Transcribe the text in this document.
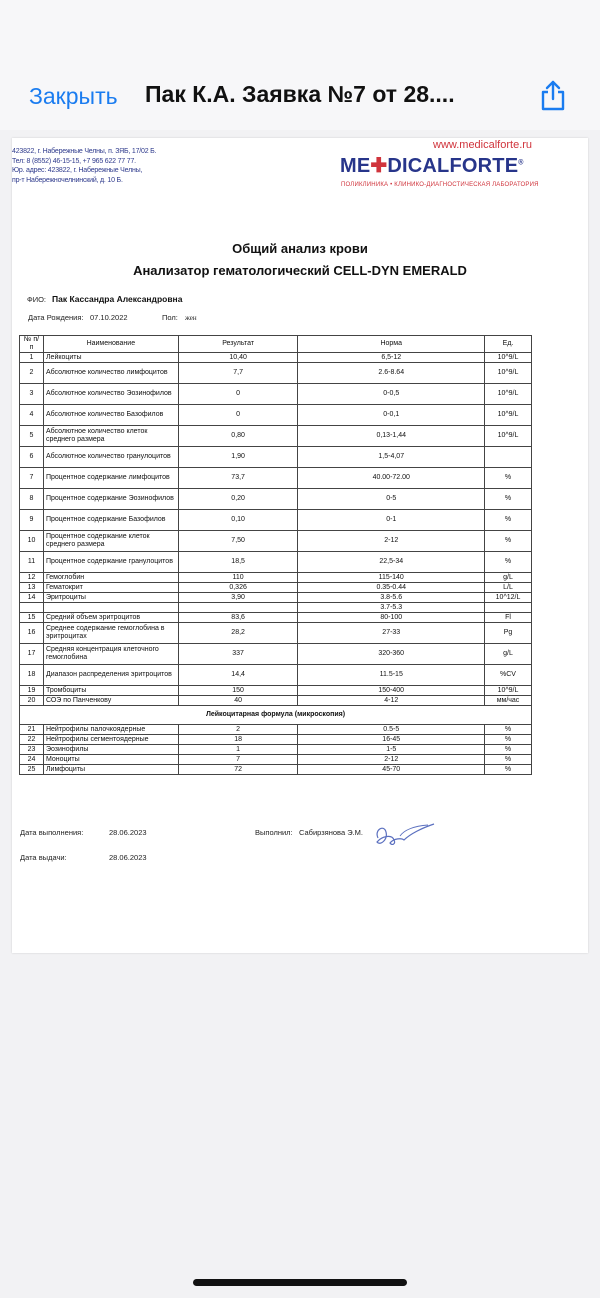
Закрыть Пак К.А. Заявка №7 от 28....
423822, г. Набережные Челны, п. ЗЯБ, 17/02 Б.
Тел: 8 (8552) 46-15-15, +7 965 622 77 77.
Юр. адрес: 423822, г. Набережные Челны,
пр-т Набережночелнинский, д. 10 Б.
www.medicalforte.ru
ME✚DICALFORTE®
ПОЛИКЛИНИКА • КЛИНИКО-ДИАГНОСТИЧЕСКАЯ ЛАБОРАТОРИЯ
Общий анализ крови
Анализатор гематологический CELL-DYN EMERALD
ФИО: Пак Кассандра Александровна
Дата Рождения: 07.10.2022	Пол: жен
№ п/п	Наименование	Результат	Норма	Ед.
1	Лейкоциты	10,40	6,5-12	10^9/L
2	Абсолютное количество лимфоцитов	7,7	2.6-8.64	10^9/L
3	Абсолютное количество Эозинофилов	0	0-0,5	10^9/L
4	Абсолютное количество Базофилов	0	0-0,1	10^9/L
5	Абсолютное количество клеток среднего размера	0,80	0,13-1,44	10^9/L
6	Абсолютное количество гранулоцитов	1,90	1,5-4,07	
7	Процентное содержание лимфоцитов	73,7	40.00-72.00	%
8	Процентное содержание Эозинофилов	0,20	0-5	%
9	Процентное содержание Базофилов	0,10	0-1	%
10	Процентное содержание клеток среднего размера	7,50	2-12	%
11	Процентное содержание гранулоцитов	18,5	22,5-34	%
12	Гемоглобин	110	115-140	g/L
13	Гематокрит	0,326	0.35-0.44	L/L
14	Эритроциты	3,90	3.8-5.6	10^12/L
			3.7-5.3	
15	Средний объем эритроцитов	83,6	80-100	Fl
16	Среднее содержание гемоглобина в эритроцитах	28,2	27-33	Pg
17	Средняя концентрация клеточного гемоглобина	337	320-360	g/L
18	Диапазон распределения эритроцитов	14,4	11.5-15	%CV
19	Тромбоциты	150	150-400	10^9/L
20	СОЭ по Панченкову	40	4-12	мм/час
Лейкоцитарная формула (микроскопия)				
21	Нейтрофилы палочкоядерные	2	0.5-5	%
22	Нейтрофилы сегментоядерные	18	16-45	%
23	Эозинофилы	1	1-5	%
24	Моноциты	7	2-12	%
25	Лимфоциты	72	45-70	%
Дата выполнения:	28.06.2023	Выполнил: Сабирзянова Э.М.
Дата выдачи:	28.06.2023
